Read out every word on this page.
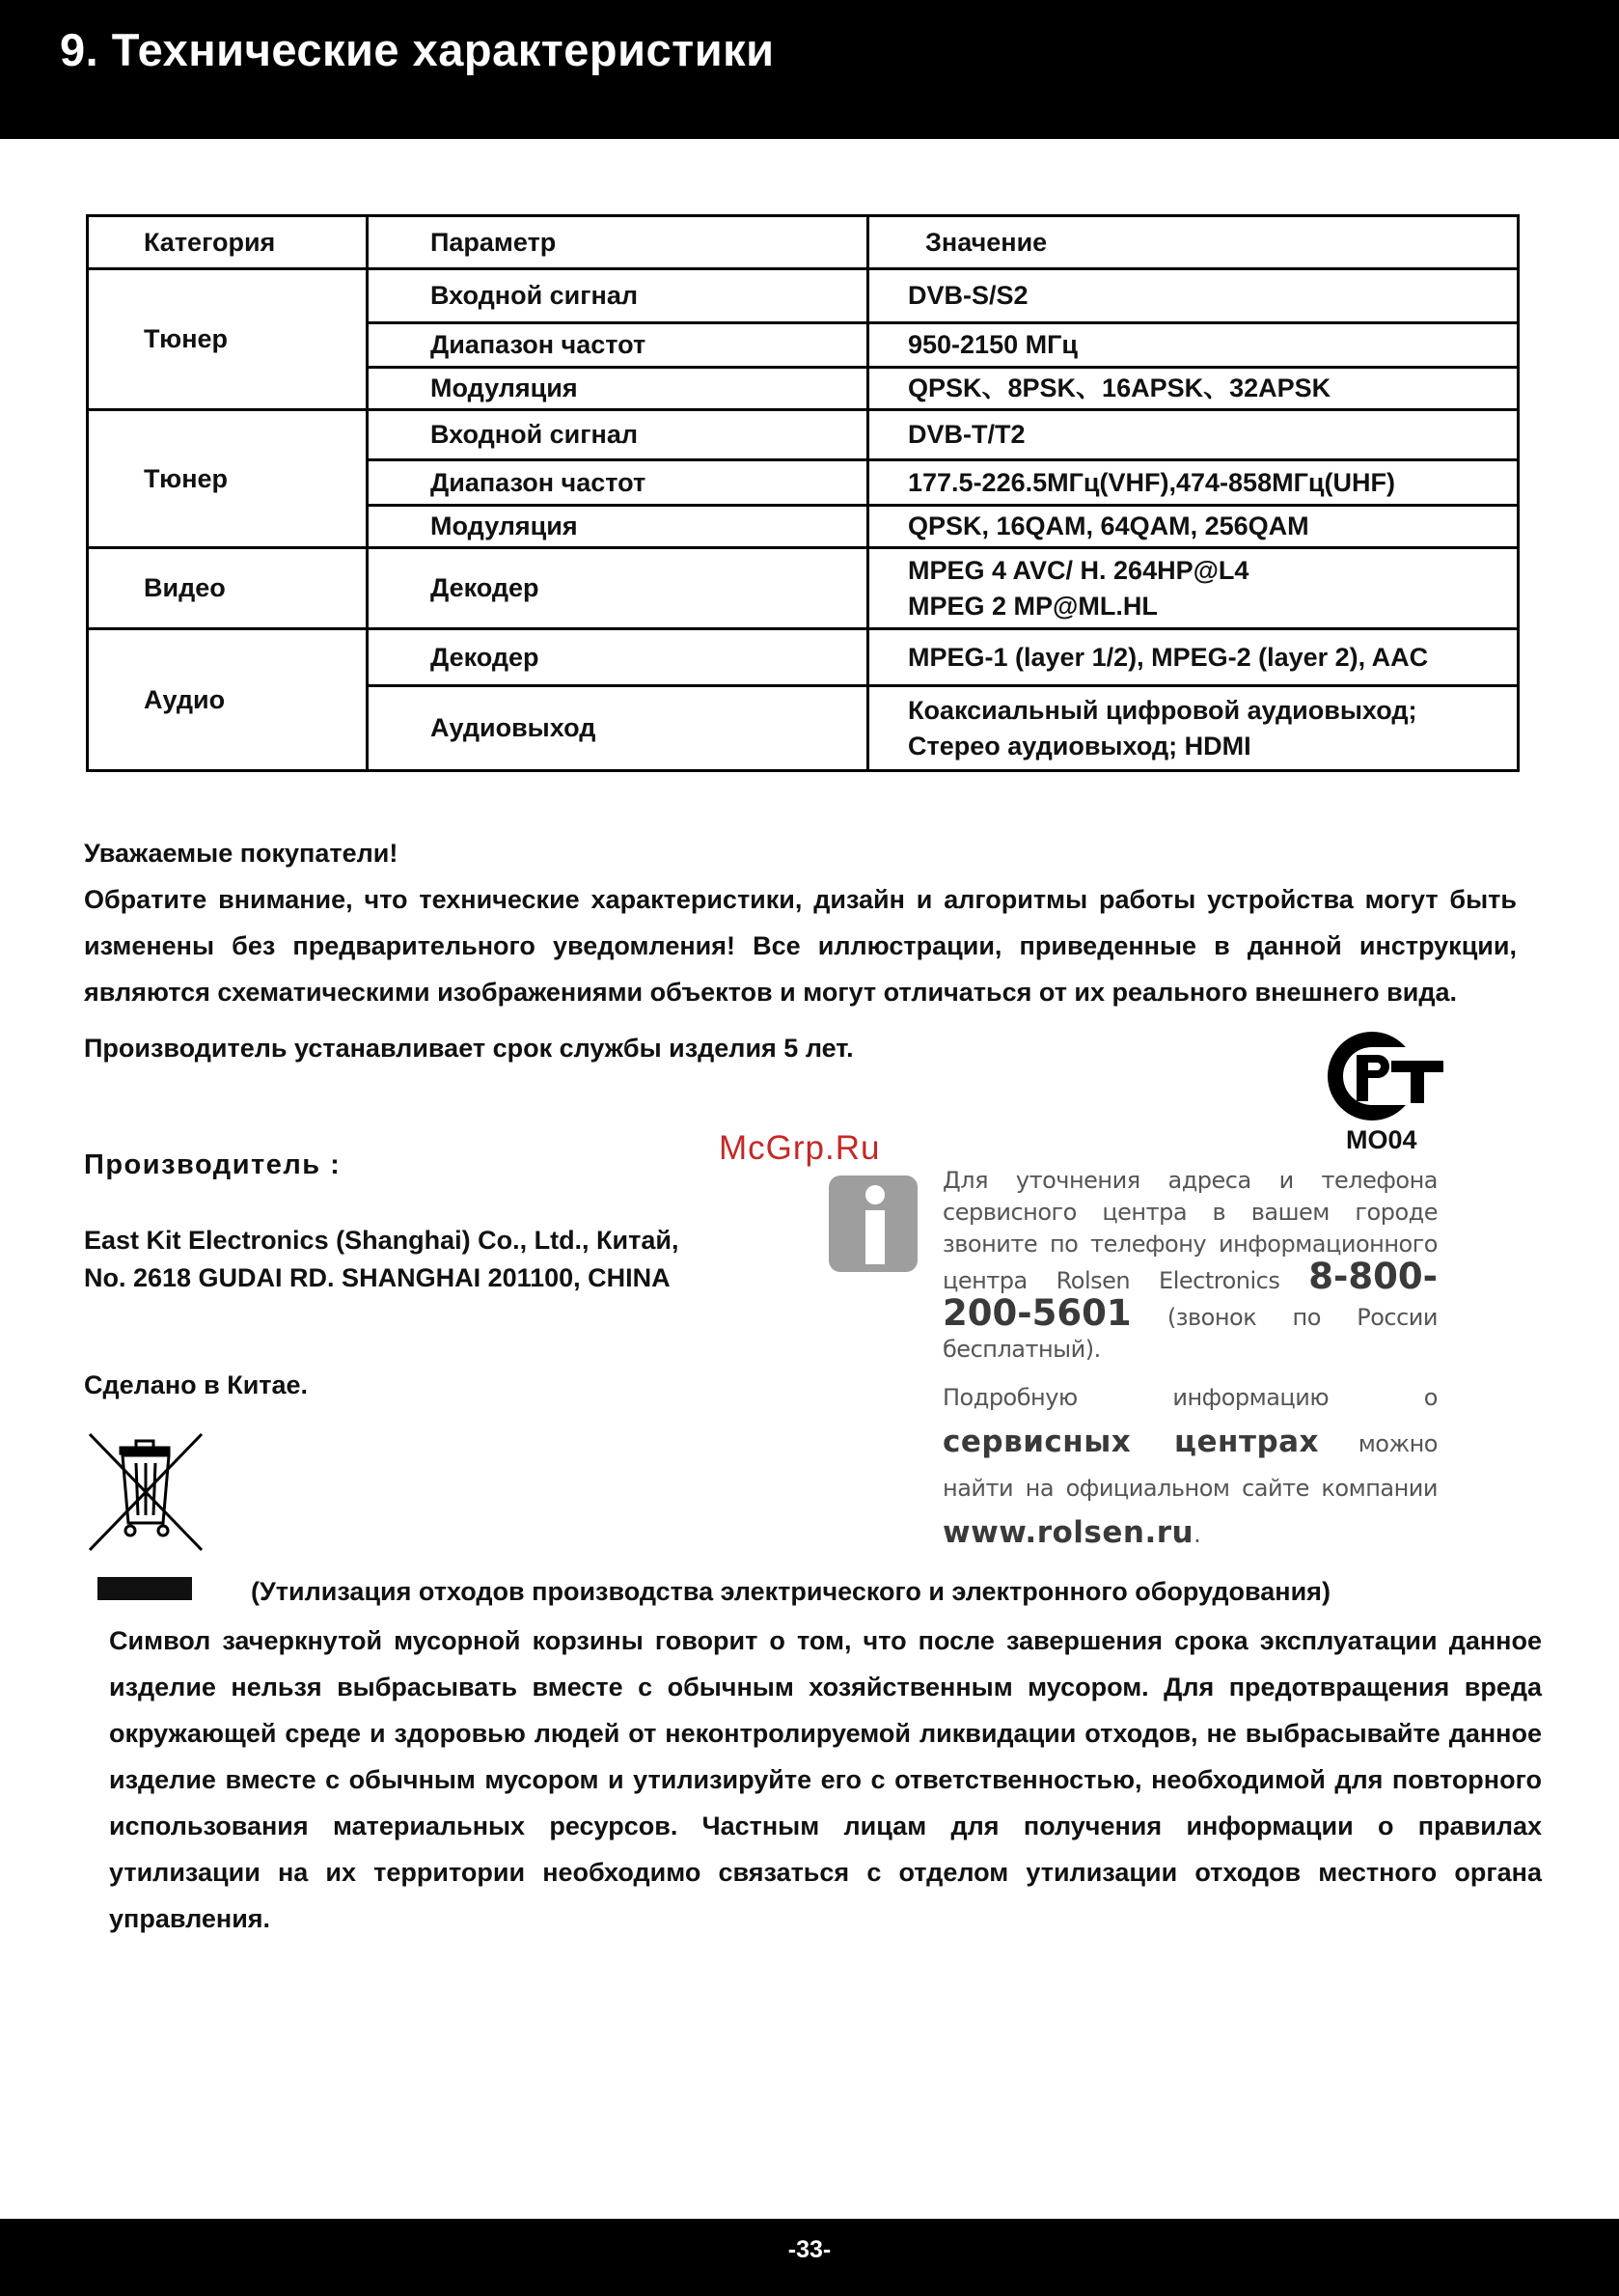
9. Технические характеристики
Категория	Параметр	Значение
Тюнер	Входной сигнал	DVB-S/S2
	Диапазон частот	950-2150 МГц
	Модуляция	QPSK、8PSK、16APSK、32APSK
Тюнер	Входной сигнал	DVB-T/T2
	Диапазон частот	177.5-226.5МГц(VHF),474-858МГц(UHF)
	Модуляция	QPSK, 16QAM, 64QAM, 256QAM
Видео	Декодер	MPEG 4 AVC/ H. 264HP@L4
MPEG 2 MP@ML.HL

Аудио	Декодер	MPEG-1 (layer 1/2), MPEG-2 (layer 2), AAC
	Аудиовыход	Коаксиальный цифровой аудиовыход;
Стерео аудиовыход; HDMI
Уважаемые покупатели!
Обратите внимание, что технические характеристики, дизайн и алгоритмы работы устройства могут быть изменены без предварительного уведомления! Все иллюстрации, приведенные в данной инструкции, являются схематическими изображениями объектов и могут отличаться от их реального внешнего вида.
Производитель устанавливает срок службы изделия 5 лет.
МО04
Производитель :
East Kit Electronics (Shanghai) Co., Ltd., Китай,
No. 2618 GUDAI RD. SHANGHAI 201100, CHINA
Сделано в Китае.
McGrp.Ru
Для уточнения адреса и телефона сервисного центра в вашем городе звоните по телефону информационного центра Rolsen Electronics 8-800-200-5601 (звонок по России бесплатный).
Подробную информацию о сервисных центрах можно найти на официальном сайте компании www.rolsen.ru.
(Утилизация отходов производства электрического и электронного оборудования)
Символ зачеркнутой мусорной корзины говорит о том, что после завершения срока эксплуатации данное изделие нельзя выбрасывать вместе с обычным хозяйственным мусором. Для предотвращения вреда окружающей среде и здоровью людей от неконтролируемой ликвидации отходов, не выбрасывайте данное изделие вместе с обычным мусором и утилизируйте его с ответственностью, необходимой для повторного использования материальных ресурсов. Частным лицам для получения информации о правилах утилизации на их территории необходимо связаться с отделом утилизации отходов местного органа управления.
-33-
